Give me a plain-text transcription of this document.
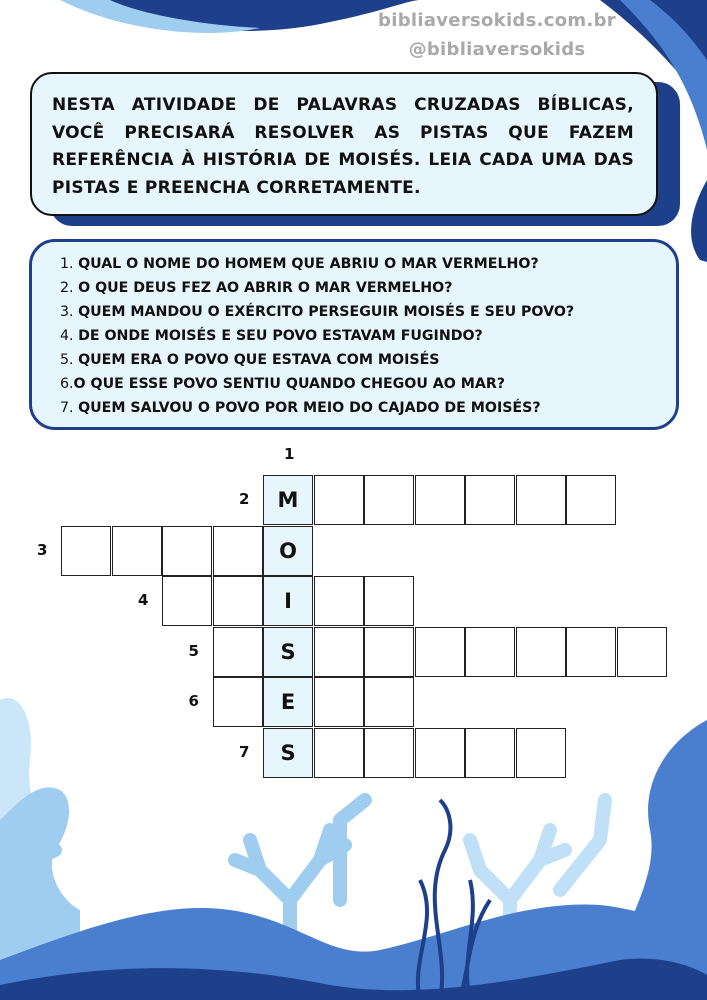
bibliaversokids.com.br
@bibliaversokids

NESTA ATIVIDADE DE PALAVRAS CRUZADAS BÍBLICAS, VOCÊ PRECISARÁ RESOLVER AS PISTAS QUE FAZEM REFERÊNCIA À HISTÓRIA DE MOISÉS. LEIA CADA UMA DAS PISTAS E PREENCHA CORRETAMENTE.

1. QUAL O NOME DO HOMEM QUE ABRIU O MAR VERMELHO?
2. O QUE DEUS FEZ AO ABRIR O MAR VERMELHO?
3. QUEM MANDOU O EXÉRCITO PERSEGUIR MOISÉS E SEU POVO?
4. DE ONDE MOISÉS E SEU POVO ESTAVAM FUGINDO?
5. QUEM ERA O POVO QUE ESTAVA COM MOISÉS
6.O QUE ESSE POVO SENTIU QUANDO CHEGOU AO MAR?
7. QUEM SALVOU O POVO POR MEIO DO CAJADO DE MOISÉS?
1
2	M
3	O
4	I
5	S
6	E
7	S
